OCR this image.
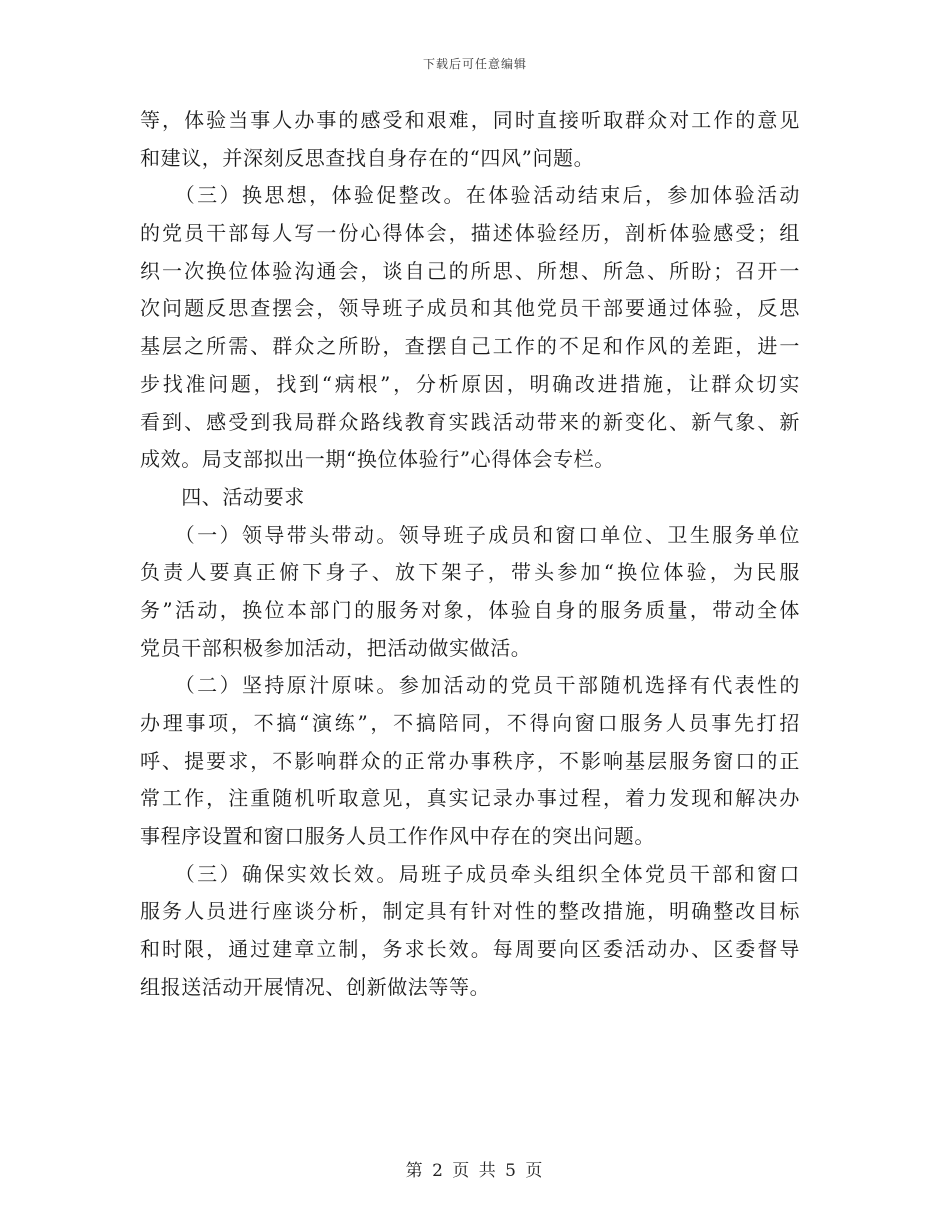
下载后可任意编辑
等，体验当事人办事的感受和艰难，同时直接听取群众对工作的意见
和建议，并深刻反思查找自身存在的“四风”问题。
　　（三）换思想，体验促整改。在体验活动结束后，参加体验活动
的党员干部每人写一份心得体会，描述体验经历，剖析体验感受；组
织一次换位体验沟通会，谈自己的所思、所想、所急、所盼；召开一
次问题反思查摆会，领导班子成员和其他党员干部要通过体验，反思
基层之所需、群众之所盼，查摆自己工作的不足和作风的差距，进一
步找准问题，找到“病根”，分析原因，明确改进措施，让群众切实
看到、感受到我局群众路线教育实践活动带来的新变化、新气象、新
成效。局支部拟出一期“换位体验行”心得体会专栏。
　　四、活动要求
　　（一）领导带头带动。领导班子成员和窗口单位、卫生服务单位
负责人要真正俯下身子、放下架子，带头参加“换位体验，为民服
务”活动，换位本部门的服务对象，体验自身的服务质量，带动全体
党员干部积极参加活动，把活动做实做活。
　　（二）坚持原汁原味。参加活动的党员干部随机选择有代表性的
办理事项，不搞“演练”，不搞陪同，不得向窗口服务人员事先打招
呼、提要求，不影响群众的正常办事秩序，不影响基层服务窗口的正
常工作，注重随机听取意见，真实记录办事过程，着力发现和解决办
事程序设置和窗口服务人员工作作风中存在的突出问题。
　　（三）确保实效长效。局班子成员牵头组织全体党员干部和窗口
服务人员进行座谈分析，制定具有针对性的整改措施，明确整改目标
和时限，通过建章立制，务求长效。每周要向区委活动办、区委督导
组报送活动开展情况、创新做法等等。
第 2 页 共 5 页
